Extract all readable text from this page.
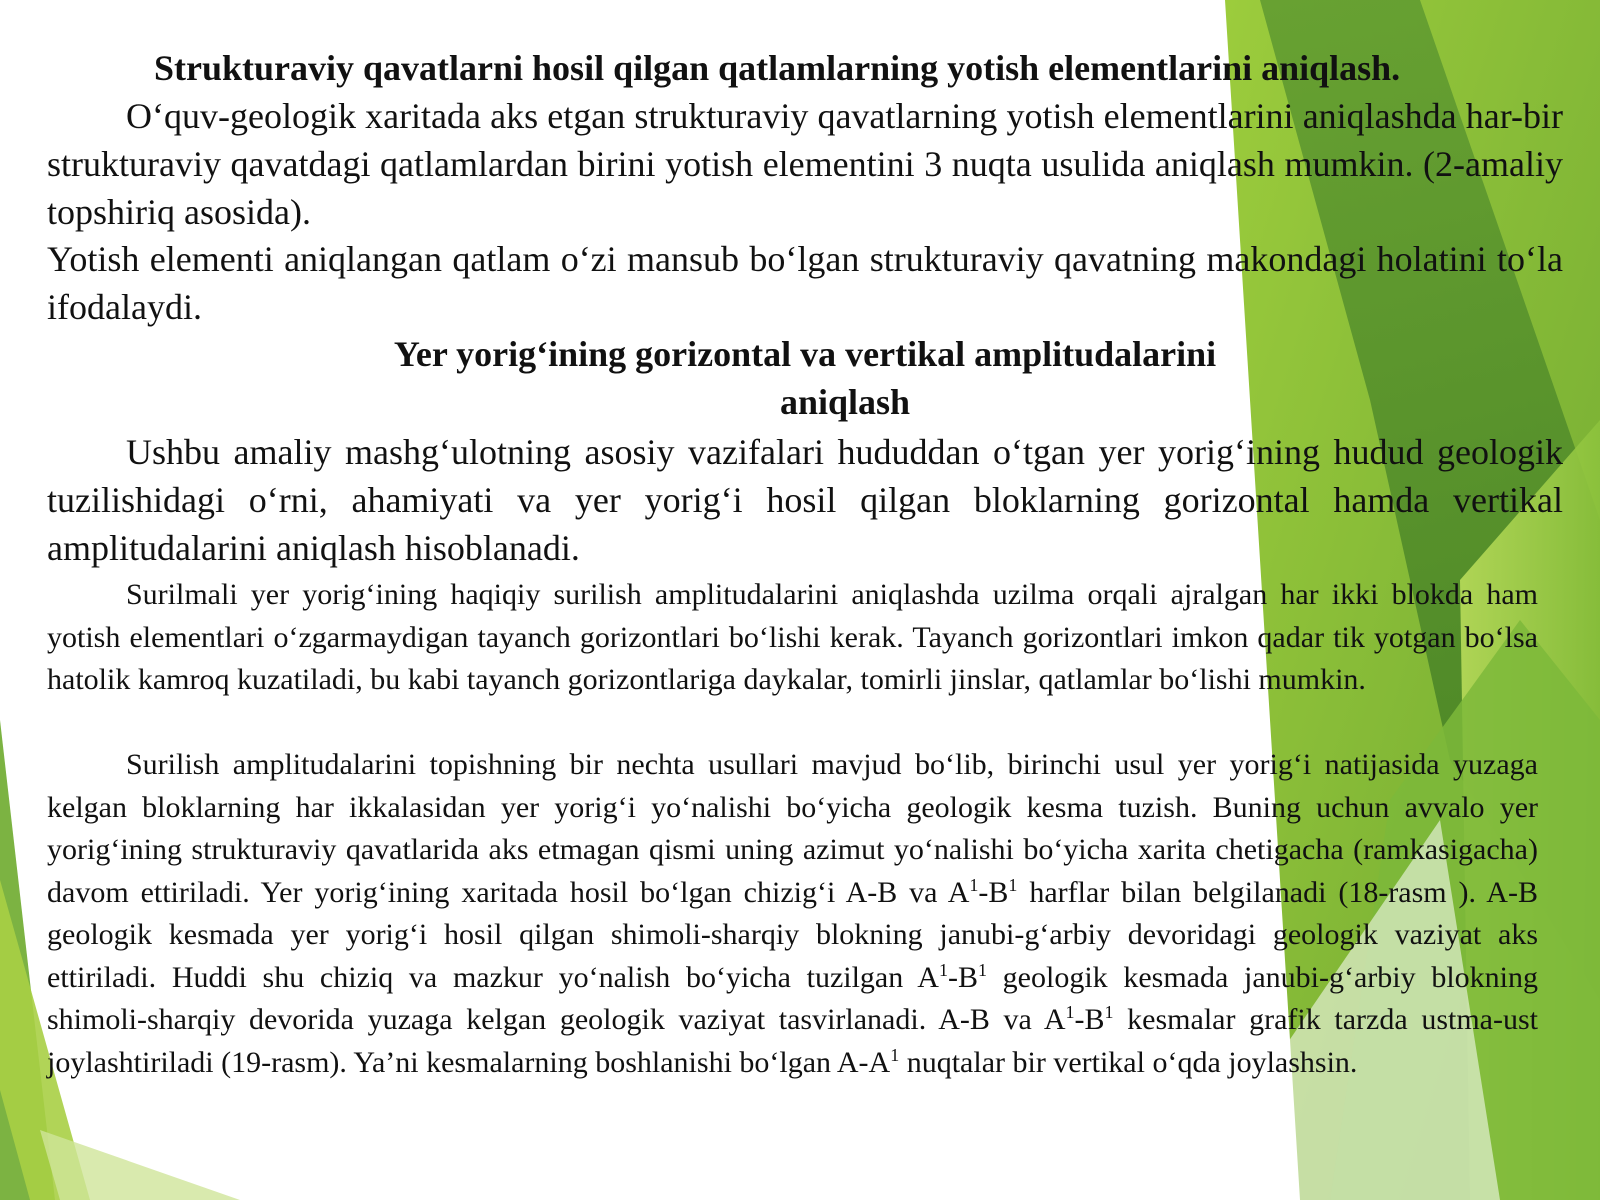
Strukturaviy qavatlarni hosil qilgan qatlamlarning yotish elementlarini aniqlash.

O‘quv-geologik xaritada aks etgan strukturaviy qavatlarning yotish elementlarini aniqlashda har-bir strukturaviy qavatdagi qatlamlardan birini yotish elementini 3 nuqta usulida aniqlash mumkin. (2-amaliy topshiriq asosida).

Yotish elementi aniqlangan qatlam o‘zi mansub bo‘lgan strukturaviy qavatning makondagi holatini to‘la ifodalaydi.

Yer yorig‘ining gorizontal va vertikal amplitudalarini
aniqlash

Ushbu amaliy mashg‘ulotning asosiy vazifalari hududdan o‘tgan yer yorig‘ining hudud geologik tuzilishidagi o‘rni, ahamiyati va yer yorig‘i hosil qilgan bloklarning gorizontal hamda vertikal amplitudalarini aniqlash hisoblanadi.

Surilmali yer yorig‘ining haqiqiy surilish amplitudalarini aniqlashda uzilma orqali ajralgan har ikki blokda ham yotish elementlari o‘zgarmaydigan tayanch gorizontlari bo‘lishi kerak. Tayanch gorizontlari imkon qadar tik yotgan bo‘lsa hatolik kamroq kuzatiladi, bu kabi tayanch gorizontlariga daykalar, tomirli jinslar, qatlamlar bo‘lishi mumkin.

Surilish amplitudalarini topishning bir nechta usullari mavjud bo‘lib, birinchi usul yer yorig‘i natijasida yuzaga kelgan bloklarning har ikkalasidan yer yorig‘i yo‘nalishi bo‘yicha geologik kesma tuzish. Buning uchun avvalo yer yorig‘ining strukturaviy qavatlarida aks etmagan qismi uning azimut yo‘nalishi bo‘yicha xarita chetigacha (ramkasigacha) davom ettiriladi. Yer yorig‘ining xaritada hosil bo‘lgan chizig‘i A-B va $A^1-B^1$ harflar bilan belgilanadi (18-rasm ). A-B geologik kesmada yer yorig‘i hosil qilgan shimoli-sharqiy blokning janubi-g‘arbiy devoridagi geologik vaziyat aks ettiriladi. Huddi shu chiziq va mazkur yo‘nalish bo‘yicha tuzilgan $A^1-B^1$ geologik kesmada janubi-g‘arbiy blokning shimoli-sharqiy devorida yuzaga kelgan geologik vaziyat tasvirlanadi. A-B va $A^1-B^1$ kesmalar grafik tarzda ustma-ust joylashtiriladi (19-rasm). Ya’ni kesmalarning boshlanishi bo‘lgan $A-A^1$ nuqtalar bir vertikal o‘qda joylashsin.
